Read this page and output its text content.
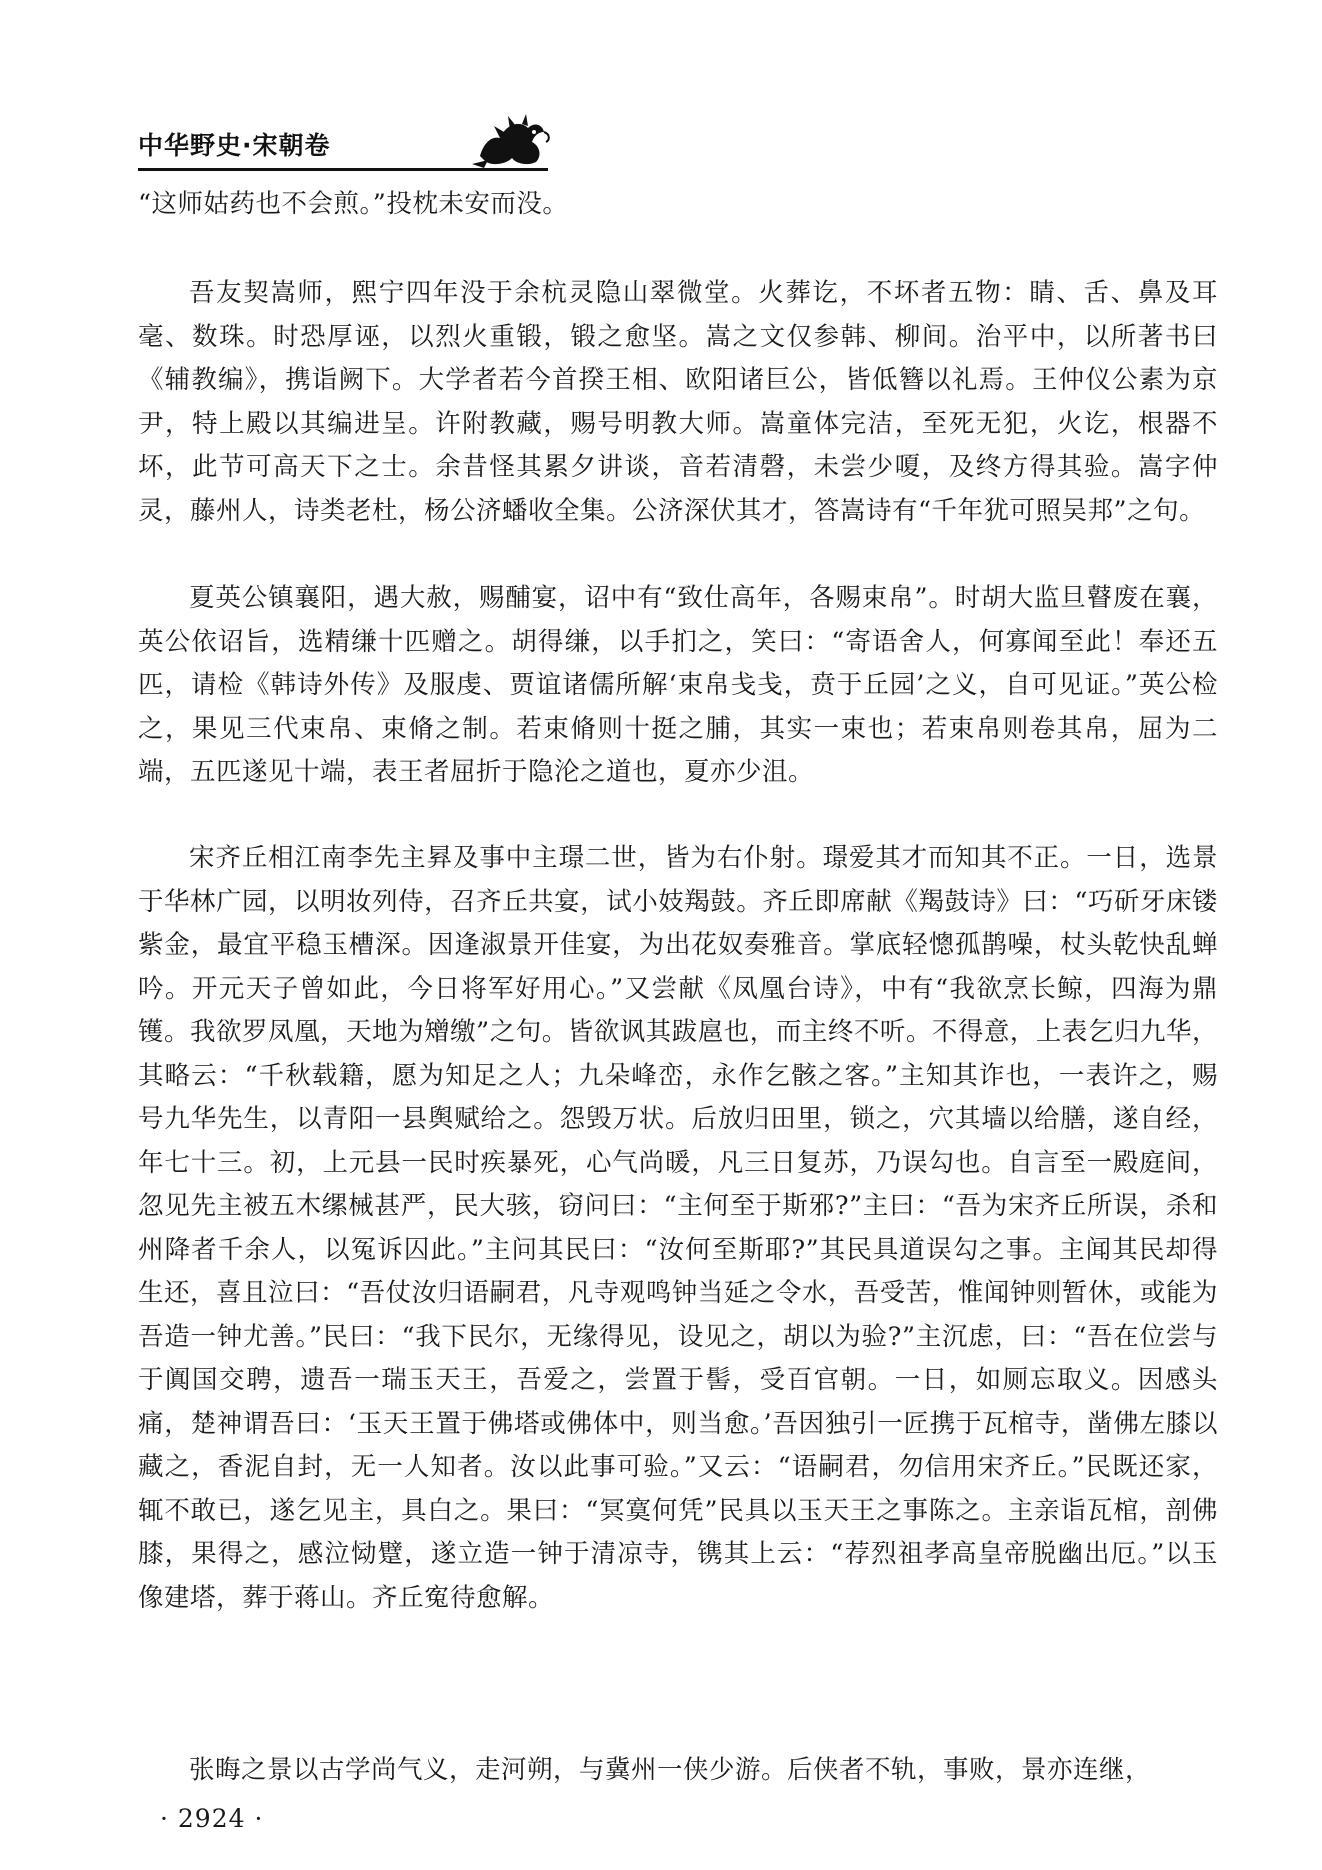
中华野史·宋朝卷

“这师姑药也不会煎。”投枕未安而没。

吾友契嵩师，熙宁四年没于余杭灵隐山翠微堂。火葬讫，不坏者五物：睛、舌、鼻及耳毫、数珠。时恐厚诬，以烈火重锻，锻之愈坚。嵩之文仅参韩、柳间。治平中，以所著书曰《辅教编》，携诣阙下。大学者若今首揆王相、欧阳诸巨公，皆低簪以礼焉。王仲仪公素为京尹，特上殿以其编进呈。许附教藏，赐号明教大师。嵩童体完洁，至死无犯，火讫，根器不坏，此节可高天下之士。余昔怪其累夕讲谈，音若清磬，未尝少嗄，及终方得其验。嵩字仲灵，藤州人，诗类老杜，杨公济蟠收全集。公济深伏其才，答嵩诗有“千年犹可照吴邦”之句。

夏英公镇襄阳，遇大赦，赐酺宴，诏中有“致仕高年，各赐束帛”。时胡大监旦瞽废在襄，英公依诏旨，选精缣十匹赠之。胡得缣，以手扪之，笑曰：“寄语舍人，何寡闻至此！奉还五匹，请检《韩诗外传》及服虔、贾谊诸儒所解‘束帛戋戋，贲于丘园’之义，自可见证。”英公检之，果见三代束帛、束脩之制。若束脩则十挺之脯，其实一束也；若束帛则卷其帛，屈为二端，五匹遂见十端，表王者屈折于隐沦之道也，夏亦少沮。

宋齐丘相江南李先主昪及事中主璟二世，皆为右仆射。璟爱其才而知其不正。一日，选景于华林广园，以明妆列侍，召齐丘共宴，试小妓羯鼓。齐丘即席献《羯鼓诗》曰：“巧斫牙床镂紫金，最宜平稳玉槽深。因逢淑景开佳宴，为出花奴奏雅音。掌底轻憁孤鹊噪，杖头乾快乱蝉吟。开元天子曾如此，今日将军好用心。”又尝献《凤凰台诗》，中有“我欲烹长鲸，四海为鼎镬。我欲罗凤凰，天地为矰缴”之句。皆欲讽其跋扈也，而主终不听。不得意，上表乞归九华，其略云：“千秋载籍，愿为知足之人；九朵峰峦，永作乞骸之客。”主知其诈也，一表许之，赐号九华先生，以青阳一县舆赋给之。怨毁万状。后放归田里，锁之，穴其墙以给膳，遂自经，年七十三。初，上元县一民时疾暴死，心气尚暖，凡三日复苏，乃误勾也。自言至一殿庭间，忽见先主被五木缧械甚严，民大骇，窃问曰：“主何至于斯邪?”主曰：“吾为宋齐丘所误，杀和州降者千余人，以冤诉囚此。”主问其民曰：“汝何至斯耶?”其民具道误勾之事。主闻其民却得生还，喜且泣曰：“吾仗汝归语嗣君，凡寺观鸣钟当延之令水，吾受苦，惟闻钟则暂休，或能为吾造一钟尤善。”民曰：“我下民尔，无缘得见，设见之，胡以为验?”主沉虑，曰：“吾在位尝与于阗国交聘，遗吾一瑞玉天王，吾爱之，尝置于髻，受百官朝。一日，如厕忘取义。因感头痛，楚神谓吾曰：‘玉天王置于佛塔或佛体中，则当愈。’吾因独引一匠携于瓦棺寺，凿佛左膝以藏之，香泥自封，无一人知者。汝以此事可验。”又云：“语嗣君，勿信用宋齐丘。”民既还家，辄不敢已，遂乞见主，具白之。果曰：“冥寞何凭”民具以玉天王之事陈之。主亲诣瓦棺，剖佛膝，果得之，感泣恸躄，遂立造一钟于清凉寺，镌其上云：“荐烈祖孝高皇帝脱幽出厄。”以玉像建塔，葬于蒋山。齐丘寃待愈解。

张晦之景以古学尚气义，走河朔，与冀州一侠少游。后侠者不轨，事败，景亦连继，

· 2924 ·
